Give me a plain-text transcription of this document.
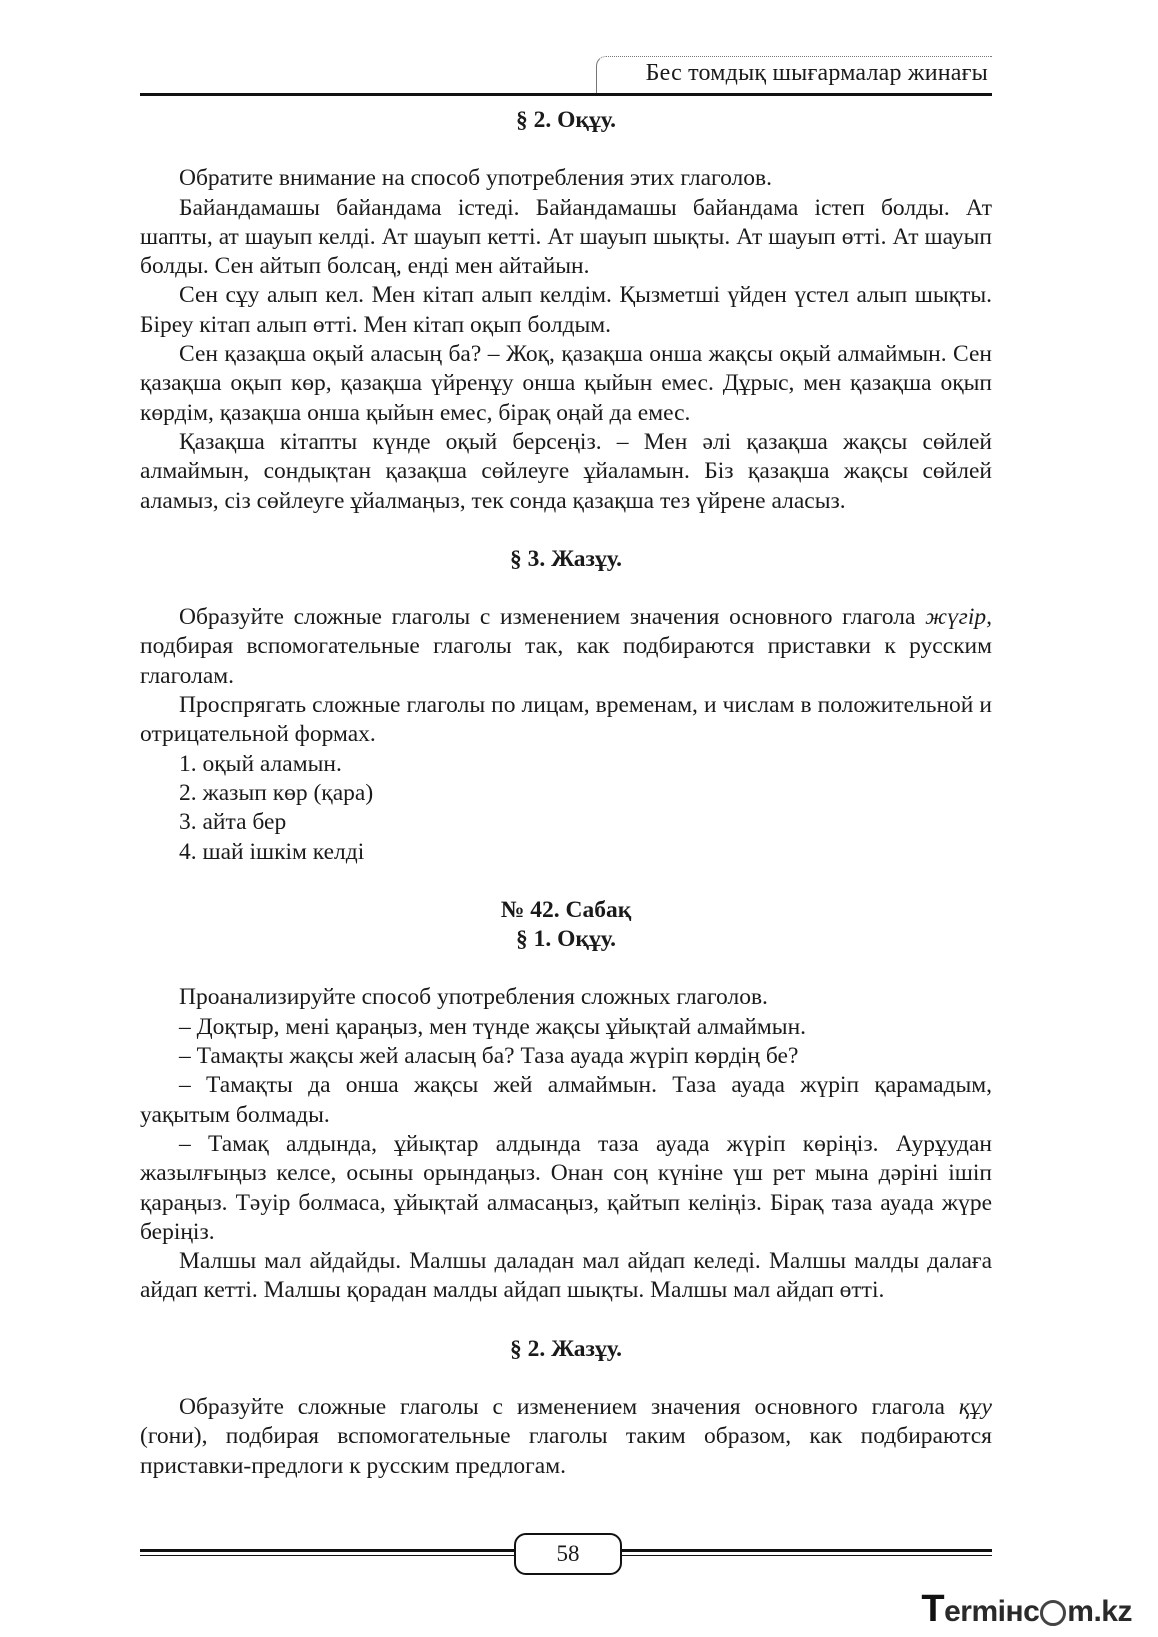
Бес томдық шығармалар жинағы
§ 2. Оқұу.

Обратите внимание на способ употребления этих глаголов.

Байандамашы байандама істеді. Байандамашы байандама істеп болды. Ат шапты, ат шауып келді. Ат шауып кетті. Ат шауып шықты. Ат шауып өтті. Ат шауып болды. Сен айтып болсаң, енді мен айтайын.

Сен сұу алып кел. Мен кітап алып келдім. Қызметші үйден үстел алып шықты. Біреу кітап алып өтті. Мен кітап оқып болдым.

Сен қазақша оқый аласың ба? – Жоқ, қазақша онша жақсы оқый алмаймын. Сен қазақша оқып көр, қазақша үйренұу онша қыйын емес. Дұрыс, мен қазақша оқып көрдім, қазақша онша қыйын емес, бірақ оңай да емес.

Қазақша кітапты күнде оқый берсеңіз. – Мен әлі қазақша жақсы сөйлей алмаймын, сондықтан қазақша сөйлеуге ұйаламын. Біз қазақша жақсы сөйлей аламыз, сіз сөйлеуге ұйалмаңыз, тек сонда қазақша тез үйрене аласыз.

§ 3. Жазұу.

Образуйте сложные глаголы с изменением значения основного глагола жүгір, подбирая вспомогательные глаголы так, как подбираются приставки к русским глаголам.

Проспрягать сложные глаголы по лицам, временам, и числам в положительной и отрицательной формах.

1. оқый аламын.
2. жазып көр (қара)
3. айта бер
4. шай ішкім келді
№ 42. Сабақ
§ 1. Оқұу.

Проанализируйте способ употребления сложных глаголов.

– Доқтыр, мені қараңыз, мен түнде жақсы ұйықтай алмаймын.

– Тамақты жақсы жей аласың ба? Таза ауада жүріп көрдің бе?

– Тамақты да онша жақсы жей алмаймын. Таза ауада жүріп қарамадым, уақытым болмады.

– Тамақ алдында, ұйықтар алдында таза ауада жүріп көріңіз. Аурұудан жазылғыңыз келсе, осыны орындаңыз. Онан соң күніне үш рет мына дәріні ішіп қараңыз. Тәуір болмаса, ұйықтай алмасаңыз, қайтып келіңіз. Бірақ таза ауада жүре беріңіз.

Малшы мал айдайды. Малшы даладан мал айдап келеді. Малшы малды далаға айдап кетті. Малшы қорадан малды айдап шықты. Малшы мал айдап өтті.

§ 2. Жазұу.

Образуйте сложные глаголы с изменением значения основного глагола құу (гони), подбирая вспомогательные глаголы таким образом, как подбираются приставки-предлоги к русским предлогам.

58
Termінс m.kz
